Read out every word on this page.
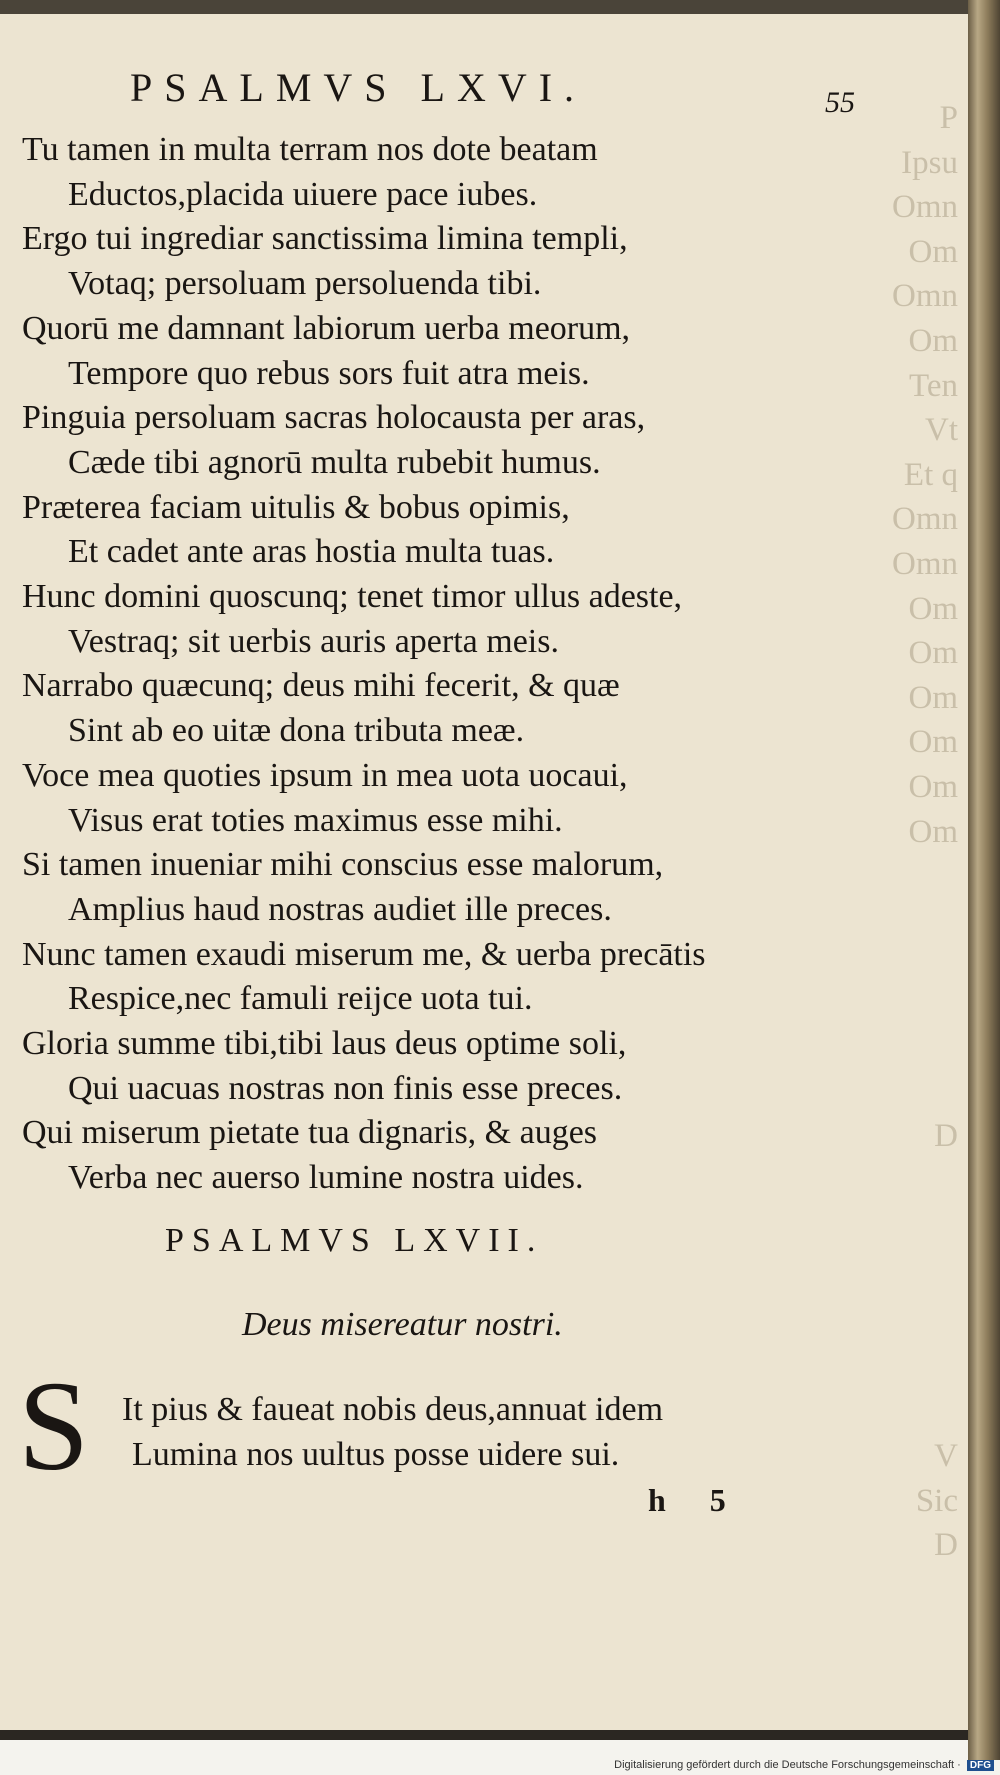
P
Ipsu
Omn
Om
Omn
Om
Ten
Vt
Et q
Omn
Omn
Om
Om
Om
Om
Om
Om
D
V
Sic
D
PSALMVS LXVI.	55
Tu tamen in multa terram nos dote beatam
Eductos,placida uiuere pace iubes.
Ergo tui ingrediar sanctissima limina templi,
Votaq; persoluam persoluenda tibi.
Quorū me damnant labiorum uerba meorum,
Tempore quo rebus sors fuit atra meis.
Pinguia persoluam sacras holocausta per aras,
Cæde tibi agnorū multa rubebit humus.
Præterea faciam uitulis & bobus opimis,
Et cadet ante aras hostia multa tuas.
Hunc domini quoscunq; tenet timor ullus adeste,
Vestraq; sit uerbis auris aperta meis.
Narrabo quæcunq; deus mihi fecerit, & quæ
Sint ab eo uitæ dona tributa meæ.
Voce mea quoties ipsum in mea uota uocaui,
Visus erat toties maximus esse mihi.
Si tamen inueniar mihi conscius esse malorum,
Amplius haud nostras audiet ille preces.
Nunc tamen exaudi miserum me, & uerba precātis
Respice,nec famuli reijce uota tui.
Gloria summe tibi,tibi laus deus optime soli,
Qui uacuas nostras non finis esse preces.
Qui miserum pietate tua dignaris, & auges
Verba nec auerso lumine nostra uides.
PSALMVS LXVII.
Deus misereatur nostri.
S It pius & faueat nobis deus,annuat idem
Lumina nos uultus posse uidere sui.
h 5
Digitalisierung gefördert durch die Deutsche Forschungsgemeinschaft · DFG
